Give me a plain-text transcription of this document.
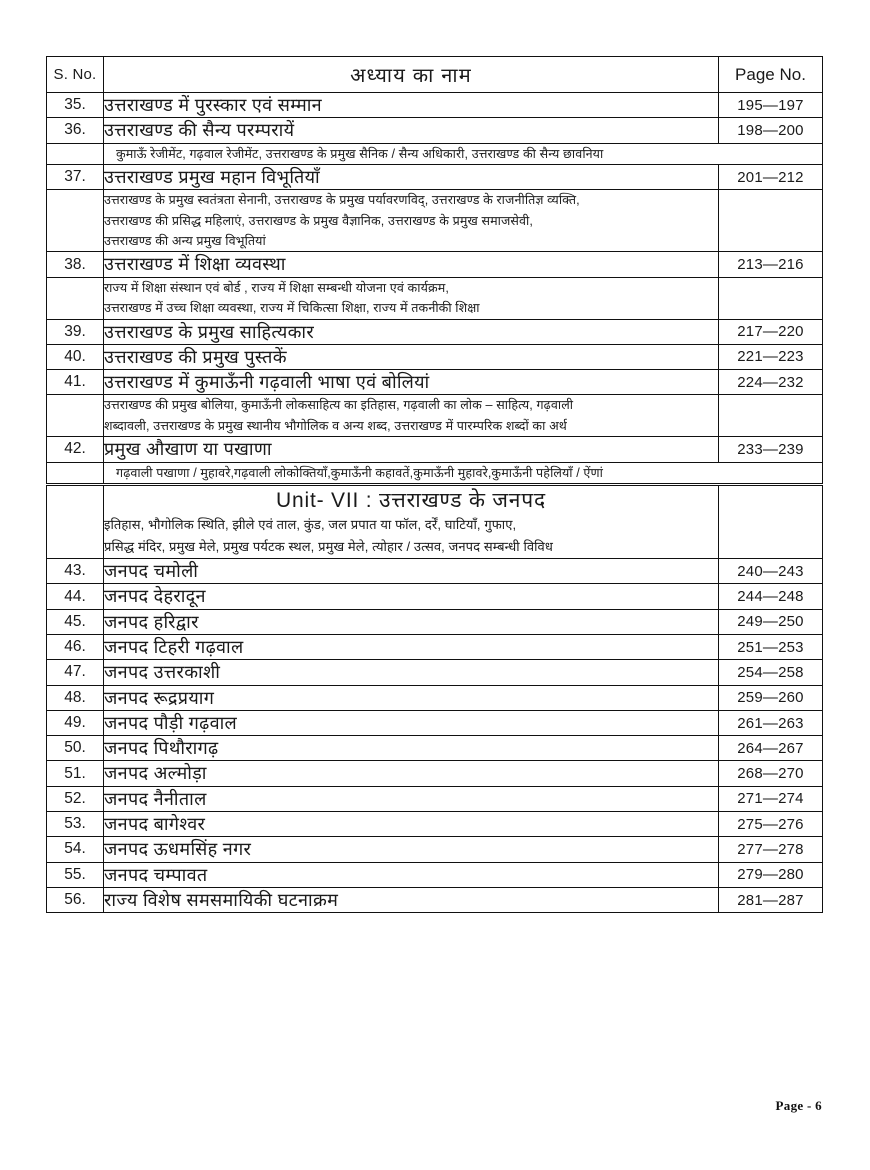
S. No.	अध्याय का नाम	Page No.
35.	उत्तराखण्ड में पुरस्कार एवं सम्मान	195—197
36.	उत्तराखण्ड की सैन्य परम्परायें	198—200

	कुमाऊँ रेजीमेंट, गढ़वाल रेजीमेंट, उत्तराखण्ड के प्रमुख सैनिक / सैन्य अधिकारी, उत्तराखण्ड की सैन्य छावनिया	

37.	उत्तराखण्ड प्रमुख महान विभूतियाँ	201—212

	उत्तराखण्ड के प्रमुख स्वतंत्रता सेनानी, उत्तराखण्ड के प्रमुख पर्यावरणविद्, उत्तराखण्ड के राजनीतिज्ञ व्यक्ति,
उत्तराखण्ड की प्रसिद्ध महिलाएं, उत्तराखण्ड के प्रमुख वैज्ञानिक, उत्तराखण्ड के प्रमुख समाजसेवी,
उत्तराखण्ड की अन्य प्रमुख विभूतियां	

38.	उत्तराखण्ड में शिक्षा व्यवस्था	213—216

	राज्य में शिक्षा संस्थान एवं बोर्ड , राज्य में शिक्षा सम्बन्धी योजना एवं कार्यक्रम,
उत्तराखण्ड में उच्च शिक्षा व्यवस्था, राज्य में चिकित्सा शिक्षा, राज्य में तकनीकी शिक्षा	

39.	उत्तराखण्ड के प्रमुख साहित्यकार	217—220
40.	उत्तराखण्ड की प्रमुख पुस्तकें	221—223
41.	उत्तराखण्ड में कुमाऊँनी गढ़वाली भाषा एवं बोलियां	224—232

	उत्तराखण्ड की प्रमुख बोलिया, कुमाऊँनी लोकसाहित्य का इतिहास, गढ़वाली का लोक – साहित्य, गढ़वाली
शब्दावली, उत्तराखण्ड के प्रमुख स्थानीय भौगोलिक व अन्य शब्द, उत्तराखण्ड में पारम्परिक शब्दों का अर्थ	

42.	प्रमुख औखाण या पखाणा	233—239

	गढ़वाली पखाणा / मुहावरे,गढ़वाली लोकोक्तियाँ,कुमाऊँनी कहावतें,कुमाऊँनी मुहावरे,कुमाऊँनी पहेलियाँ / ऐंणां	

	Unit- VII : उत्तराखण्ड के जनपद	

	इतिहास, भौगोलिक स्थिति, झीले एवं ताल, कुंड, जल प्रपात या फॉल, दर्रें, घाटियाँ, गुफाए,
प्रसिद्ध मंदिर, प्रमुख मेले, प्रमुख पर्यटक स्थल, प्रमुख मेले, त्योहार / उत्सव, जनपद सम्बन्धी विविध	

43.	जनपद चमोली	240—243
44.	जनपद देहरादून	244—248
45.	जनपद हरिद्वार	249—250
46.	जनपद टिहरी गढ़वाल	251—253
47.	जनपद उत्तरकाशी	254—258
48.	जनपद रूद्रप्रयाग	259—260
49.	जनपद पौड़ी गढ़वाल	261—263
50.	जनपद पिथौरागढ़	264—267
51.	जनपद अल्मोड़ा	268—270
52.	जनपद नैनीताल	271—274
53.	जनपद बागेश्वर	275—276
54.	जनपद ऊधमसिंह नगर	277—278
55.	जनपद चम्पावत	279—280
56.	राज्य विशेष समसमायिकी घटनाक्रम	281—287
Page - 6
